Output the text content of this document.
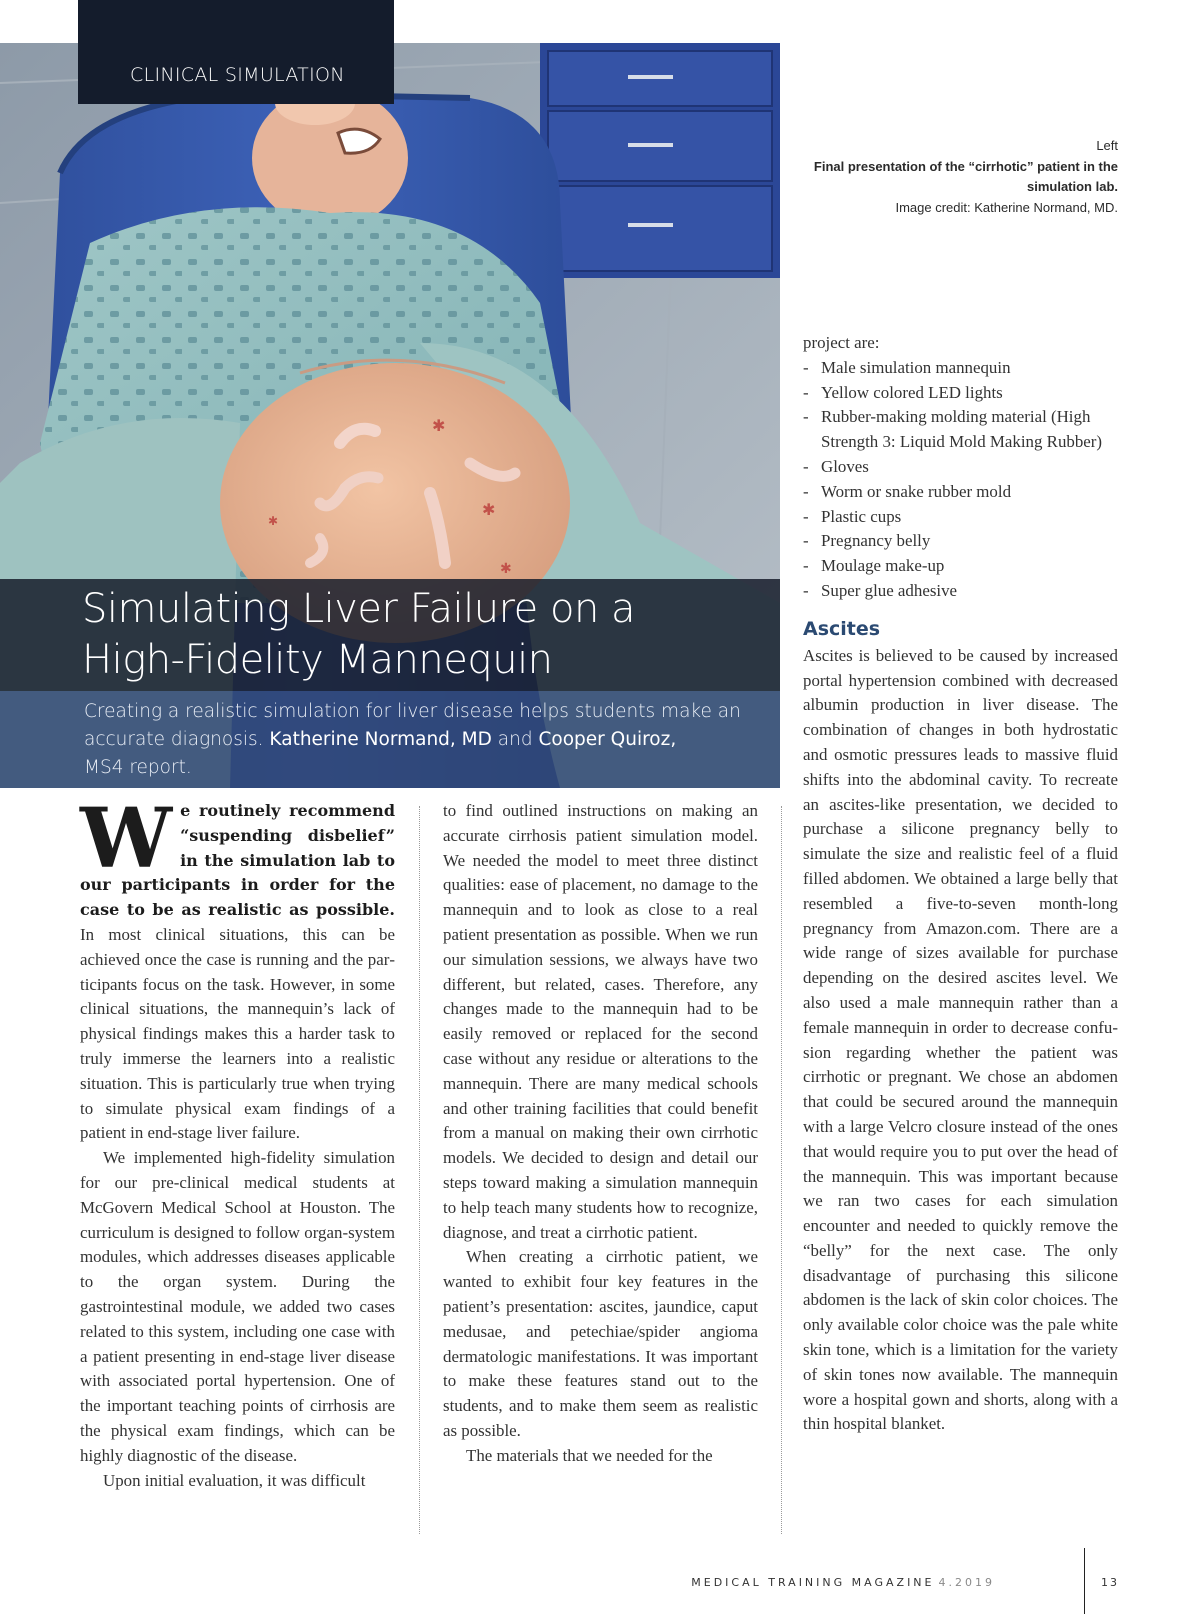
✱
✱
✱
✱
CLINICAL SIMULATION
Simulating Liver Failure on a
High-Fidelity Mannequin

Creating a realistic simulation for liver disease helps students make an accurate diagnosis. Katherine Normand, MD and Cooper Quiroz,
MS4 report.

Left
Final presentation of the “cirrhotic” patient in the simulation lab.
Image credit: Katherine Normand, MD.

We routinely recommend “suspending disbelief” in the simulation lab to our participants in order for the case to be as realistic as possible. In most clinical situations, this can be achieved once the case is running and the participants focus on the task. However, in some clinical situations, the mannequin’s lack of physical findings makes this a harder task to truly immerse the learners into a realistic situation. This is particularly true when trying to simulate physical exam findings of a patient in end-stage liver failure.

We implemented high-fidelity simulation for our pre-clinical medical students at McGovern Medical School at Houston. The curriculum is designed to follow organ-system modules, which addresses diseases applicable to the organ system. During the gastrointestinal module, we added two cases related to this system, including one case with a patient presenting in end-stage liver disease with associated portal hypertension. One of the important teaching points of cirrhosis are the physical exam findings, which can be highly diagnostic of the disease.

Upon initial evaluation, it was difficult

to find outlined instructions on making an accurate cirrhosis patient simulation model. We needed the model to meet three distinct qualities: ease of placement, no damage to the mannequin and to look as close to a real patient presentation as possible. When we run our simulation sessions, we always have two different, but related, cases. Therefore, any changes made to the mannequin had to be easily removed or replaced for the second case without any residue or alterations to the mannequin. There are many medical schools and other training facilities that could benefit from a manual on making their own cirrhotic models. We decided to design and detail our steps toward making a simulation mannequin to help teach many students how to recognize, diagnose, and treat a cirrhotic patient.

When creating a cirrhotic patient, we wanted to exhibit four key features in the patient’s presentation: ascites, jaundice, caput medusae, and petechiae/spider angioma dermatologic manifestations. It was important to make these features stand out to the students, and to make them seem as realistic as possible.

The materials that we needed for the

project are:

- Male simulation mannequin
- Yellow colored LED lights
- Rubber-making molding material (High Strength 3: Liquid Mold Making Rubber)
- Gloves
- Worm or snake rubber mold
- Plastic cups
- Pregnancy belly
- Moulage make-up
- Super glue adhesive
Ascites

Ascites is believed to be caused by increased portal hypertension combined with decreased albumin production in liver disease. The combination of changes in both hydrostatic and osmotic pressures leads to massive fluid shifts into the abdominal cavity. To recreate an ascites-like presentation, we decided to purchase a silicone pregnancy belly to simulate the size and realistic feel of a fluid filled abdomen. We obtained a large belly that resembled a five-to-seven month-long pregnancy from Amazon.com. There are a wide range of sizes available for purchase depending on the desired ascites level. We also used a male mannequin rather than a female mannequin in order to decrease confusion regarding whether the patient was cirrhotic or pregnant. We chose an abdomen that could be secured around the mannequin with a large Velcro closure instead of the ones that would require you to put over the head of the mannequin. This was important because we ran two cases for each simulation encounter and needed to quickly remove the “belly” for the next case. The only disadvantage of purchasing this silicone abdomen is the lack of skin color choices. The only available color choice was the pale white skin tone, which is a limitation for the variety of skin tones now available. The mannequin wore a hospital gown and shorts, along with a thin hospital blanket.

MEDICAL TRAINING MAGAZINE 4.2019	13
